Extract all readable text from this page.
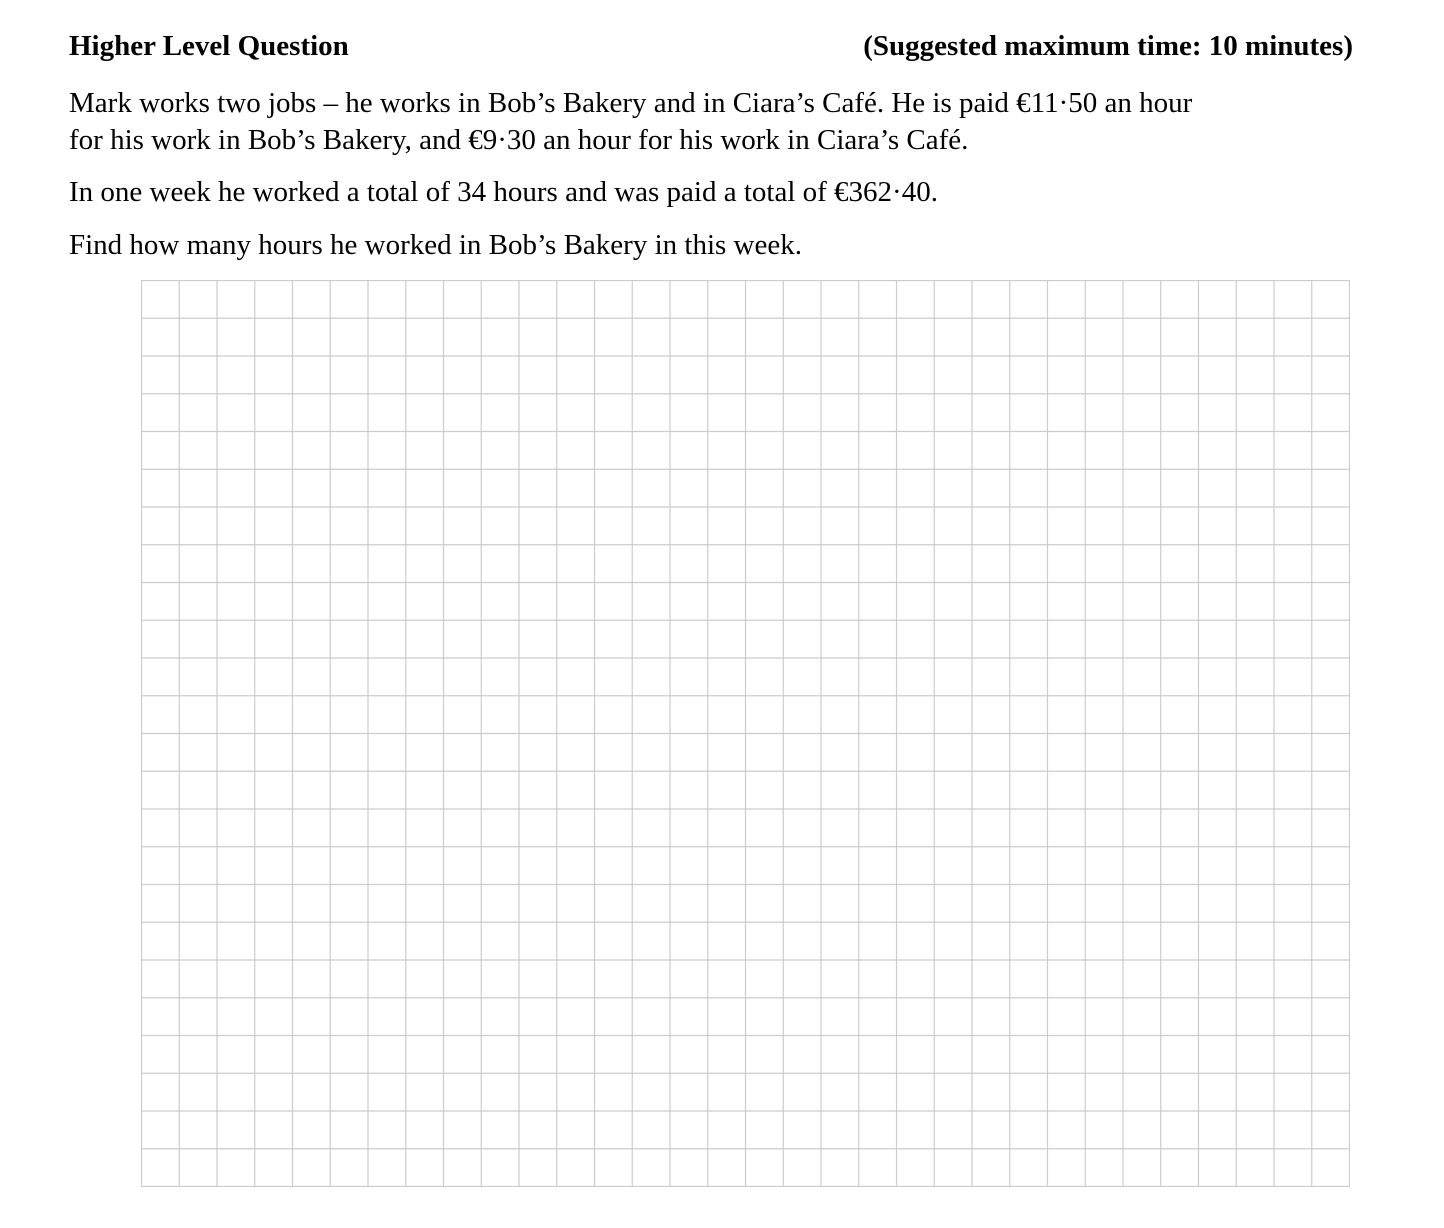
Higher Level Question	(Suggested maximum time: 10 minutes)

Mark works two jobs – he works in Bob’s Bakery and in Ciara’s Café. He is paid €11·50 an hour
for his work in Bob’s Bakery, and €9·30 an hour for his work in Ciara’s Café.

In one week he worked a total of 34 hours and was paid a total of €362·40.

Find how many hours he worked in Bob’s Bakery in this week.
